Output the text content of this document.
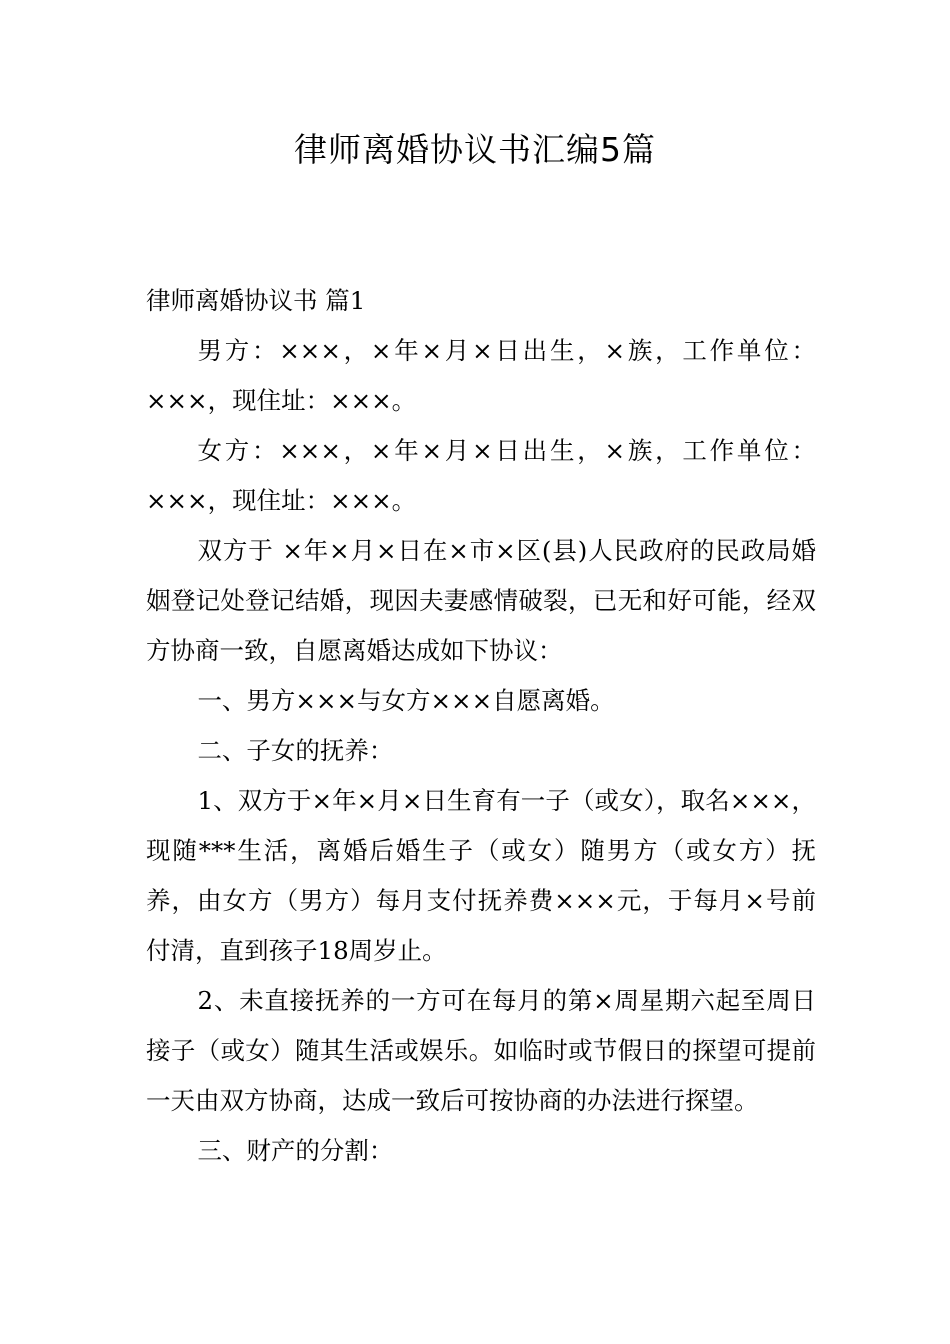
律师离婚协议书汇编5篇

律师离婚协议书 篇1

男方：×××，×年×月×日出生，×族，工作单位：×××，现住址：×××。

女方：×××，×年×月×日出生，×族，工作单位：×××，现住址：×××。

双方于 ×年×月×日在×市×区(县)人民政府的民政局婚姻登记处登记结婚，现因夫妻感情破裂，已无和好可能，经双方协商一致，自愿离婚达成如下协议：

一、男方×××与女方×××自愿离婚。

二、子女的抚养：

1、双方于×年×月×日生育有一子（或女），取名×××，现随***生活，离婚后婚生子（或女）随男方（或女方）抚养，由女方（男方）每月支付抚养费×××元，于每月×号前付清，直到孩子18周岁止。

2、未直接抚养的一方可在每月的第×周星期六起至周日接子（或女）随其生活或娱乐。如临时或节假日的探望可提前一天由双方协商，达成一致后可按协商的办法进行探望。

三、财产的分割：
